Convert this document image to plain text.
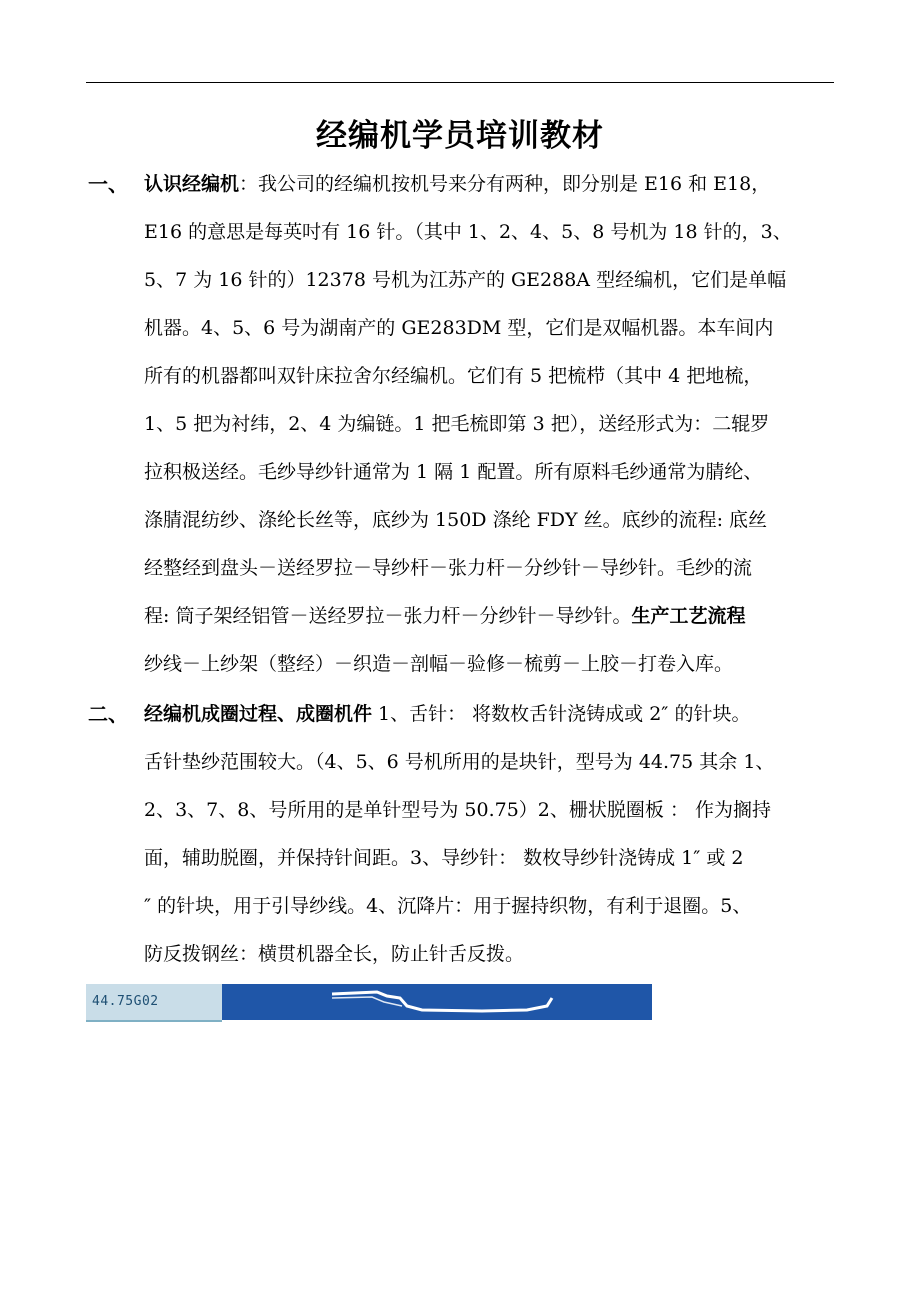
经编机学员培训教材
一、 认识经编机：我公司的经编机按机号来分有两种，即分别是 E16 和 E18，
E16 的意思是每英吋有 16 针。（其中 1、2、4、5、8 号机为 18 针的，3、
5、7 为 16 针的）12378 号机为江苏产的 GE288A 型经编机，它们是单幅
机器。4、5、6 号为湖南产的 GE283DM 型，它们是双幅机器。本车间内
所有的机器都叫双针床拉舍尔经编机。它们有 5 把梳栉（其中 4 把地梳，
1、5 把为衬纬，2、4 为编链。1 把毛梳即第 3 把），送经形式为：二辊罗
拉积极送经。毛纱导纱针通常为 1 隔 1 配置。所有原料毛纱通常为腈纶、
涤腈混纺纱、涤纶长丝等，底纱为 150D 涤纶 FDY 丝。底纱的流程: 底丝
经整经到盘头－送经罗拉－导纱杆－张力杆－分纱针－导纱针。毛纱的流
程: 筒子架经铝管－送经罗拉－张力杆－分纱针－导纱针。生产工艺流程
纱线－上纱架（整经）－织造－剖幅－验修－梳剪－上胶－打卷入库。
二、 经编机成圈过程、成圈机件 1、舌针： 将数枚舌针浇铸成或 2″ 的针块。
舌针垫纱范围较大。（4、5、6 号机所用的是块针，型号为 44.75 其余 1、
2、3、7、8、号所用的是单针型号为 50.75）2、栅状脱圈板 ： 作为搁持
面，辅助脱圈，并保持针间距。3、导纱针： 数枚导纱针浇铸成 1″ 或 2
″ 的针块，用于引导纱线。4、沉降片：用于握持织物，有利于退圈。5、
防反拨钢丝：横贯机器全长，防止针舌反拨。
44.75G02
